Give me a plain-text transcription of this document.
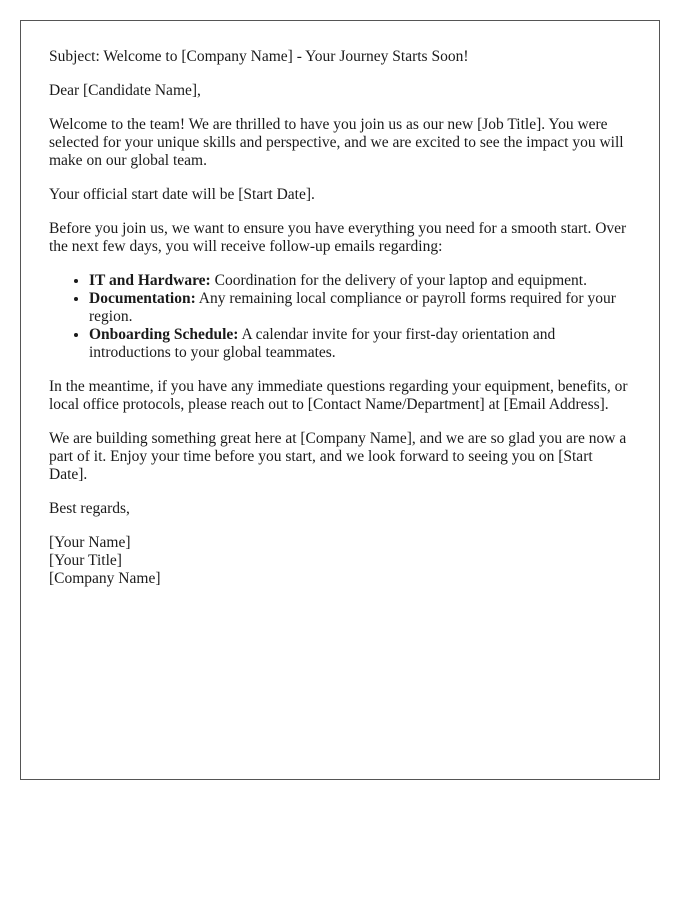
Subject: Welcome to [Company Name] - Your Journey Starts Soon!

Dear [Candidate Name],

Welcome to the team! We are thrilled to have you join us as our new [Job Title]. You were selected for your unique skills and perspective, and we are excited to see the impact you will make on our global team.

Your official start date will be [Start Date].

Before you join us, we want to ensure you have everything you need for a smooth start. Over the next few days, you will receive follow-up emails regarding:

• IT and Hardware: Coordination for the delivery of your laptop and equipment.
• Documentation: Any remaining local compliance or payroll forms required for your region.
• Onboarding Schedule: A calendar invite for your first-day orientation and introductions to your global teammates.

In the meantime, if you have any immediate questions regarding your equipment, benefits, or local office protocols, please reach out to [Contact Name/Department] at [Email Address].

We are building something great here at [Company Name], and we are so glad you are now a part of it. Enjoy your time before you start, and we look forward to seeing you on [Start Date].

Best regards,

[Your Name]
[Your Title]
[Company Name]
